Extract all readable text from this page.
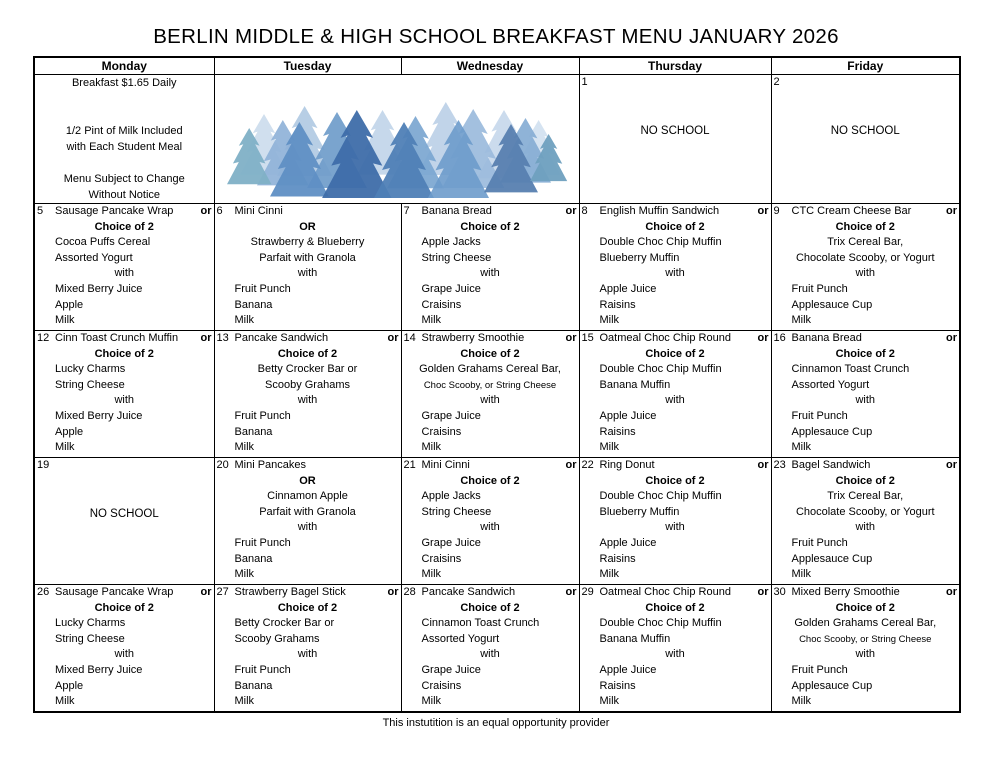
BERLIN MIDDLE & HIGH SCHOOL BREAKFAST MENU JANUARY 2026
Monday	Tuesday	Wednesday	Thursday	Friday

Breakfast $1.65 Daily
1/2 Pint of Milk Included
with Each Student Meal
Menu Subject to Change
Without Notice

1
NO SCHOOL

2
NO SCHOOL

5	Sausage Pancake Wrap	or
Choice of 2
Cocoa Puffs Cereal
Assorted Yogurt
with
Mixed Berry Juice
Apple
Milk

6	Mini Cinni
OR
Strawberry & Blueberry
Parfait with Granola
with
Fruit Punch
Banana
Milk

7	Banana Bread	or
Choice of 2
Apple Jacks
String Cheese
with
Grape Juice
Craisins
Milk

8	English Muffin Sandwich	or
Choice of 2
Double Choc Chip Muffin
Blueberry Muffin
with
Apple Juice
Raisins
Milk

9	CTC Cream Cheese Bar	or
Choice of 2
Trix Cereal Bar,
Chocolate Scooby, or Yogurt
with
Fruit Punch
Applesauce Cup
Milk

12 Cinn Toast Crunch Muffin	or
Choice of 2
Lucky Charms
String Cheese
with
Mixed Berry Juice
Apple
Milk

13 Pancake Sandwich	or
Choice of 2
Betty Crocker Bar or
Scooby Grahams
with
Fruit Punch
Banana
Milk

14 Strawberry Smoothie	or
Choice of 2
Golden Grahams Cereal Bar,
Choc Scooby, or String Cheese
with
Grape Juice
Craisins
Milk

15 Oatmeal Choc Chip Round	or
Choice of 2
Double Choc Chip Muffin
Banana Muffin
with
Apple Juice
Raisins
Milk

16 Banana Bread	or
Choice of 2
Cinnamon Toast Crunch
Assorted Yogurt
with
Fruit Punch
Applesauce Cup
Milk

19
NO SCHOOL

20 Mini Pancakes
OR
Cinnamon Apple
Parfait with Granola
with
Fruit Punch
Banana
Milk

21 Mini Cinni	or
Choice of 2
Apple Jacks
String Cheese
with
Grape Juice
Craisins
Milk

22 Ring Donut	or
Choice of 2
Double Choc Chip Muffin
Blueberry Muffin
with
Apple Juice
Raisins
Milk

23 Bagel Sandwich	or
Choice of 2
Trix Cereal Bar,
Chocolate Scooby, or Yogurt
with
Fruit Punch
Applesauce Cup
Milk

26 Sausage Pancake Wrap	or
Choice of 2
Lucky Charms
String Cheese
with
Mixed Berry Juice
Apple
Milk

27 Strawberry Bagel Stick	or
Choice of 2
Betty Crocker Bar or
Scooby Grahams
with
Fruit Punch
Banana
Milk

28 Pancake Sandwich	or
Choice of 2
Cinnamon Toast Crunch
Assorted Yogurt
with
Grape Juice
Craisins
Milk

29 Oatmeal Choc Chip Round	or
Choice of 2
Double Choc Chip Muffin
Banana Muffin
with
Apple Juice
Raisins
Milk

30 Mixed Berry Smoothie	or
Choice of 2
Golden Grahams Cereal Bar,
Choc Scooby, or String Cheese
with
Fruit Punch
Applesauce Cup
Milk
This instutition is an equal opportunity provider
